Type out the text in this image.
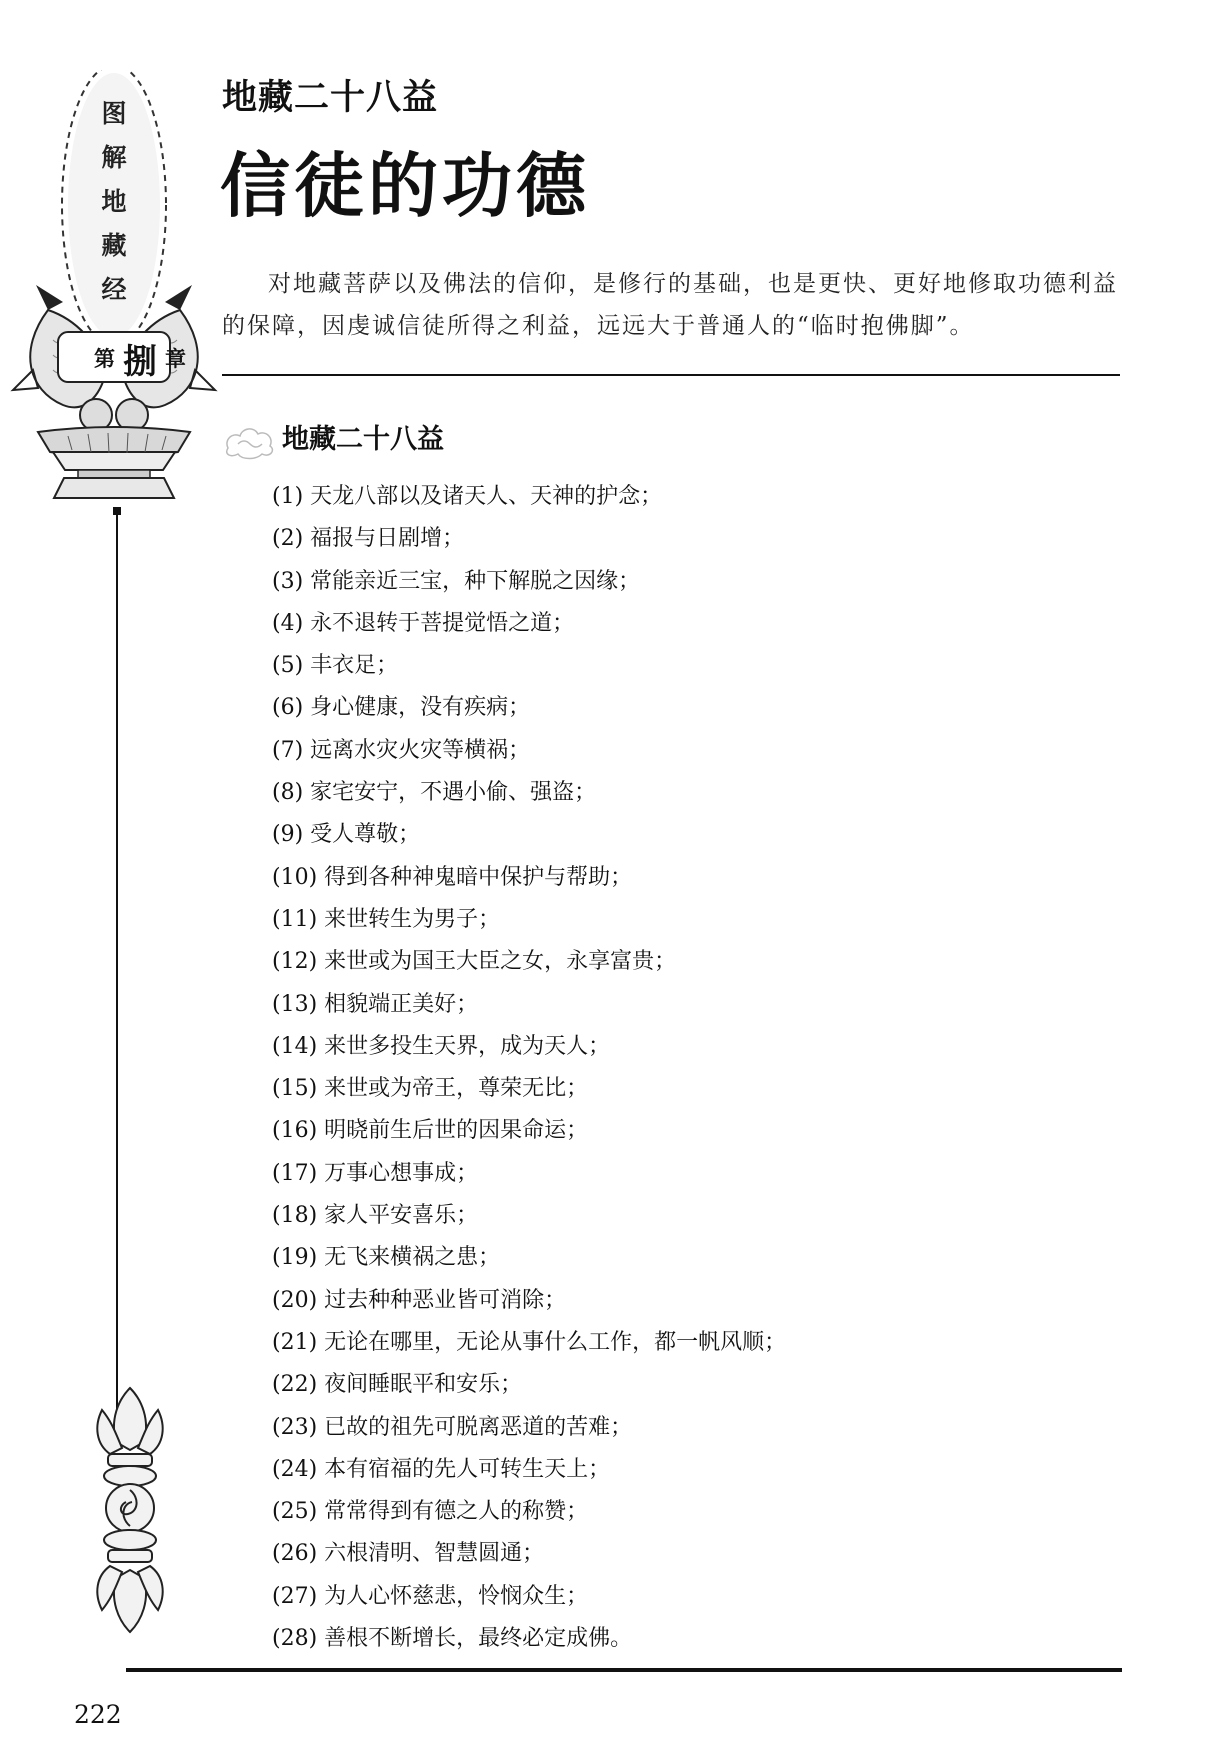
图
解
地
藏
经
第 捌 章
地藏二十八益
信徒的功德
对地藏菩萨以及佛法的信仰，是修行的基础，也是更快、更好地修取功德利益的保障，因虔诚信徒所得之利益，远远大于普通人的“临时抱佛脚”。
地藏二十八益
(1) 天龙八部以及诸天人、天神的护念；
(2) 福报与日剧增；
(3) 常能亲近三宝，种下解脱之因缘；
(4) 永不退转于菩提觉悟之道；
(5) 丰衣足；
(6) 身心健康，没有疾病；
(7) 远离水灾火灾等横祸；
(8) 家宅安宁，不遇小偷、强盗；
(9) 受人尊敬；
(10) 得到各种神鬼暗中保护与帮助；
(11) 来世转生为男子；
(12) 来世或为国王大臣之女，永享富贵；
(13) 相貌端正美好；
(14) 来世多投生天界，成为天人；
(15) 来世或为帝王，尊荣无比；
(16) 明晓前生后世的因果命运；
(17) 万事心想事成；
(18) 家人平安喜乐；
(19) 无飞来横祸之患；
(20) 过去种种恶业皆可消除；
(21) 无论在哪里，无论从事什么工作，都一帆风顺；
(22) 夜间睡眠平和安乐；
(23) 已故的祖先可脱离恶道的苦难；
(24) 本有宿福的先人可转生天上；
(25) 常常得到有德之人的称赞；
(26) 六根清明、智慧圆通；
(27) 为人心怀慈悲，怜悯众生；
(28) 善根不断增长，最终必定成佛。
222
